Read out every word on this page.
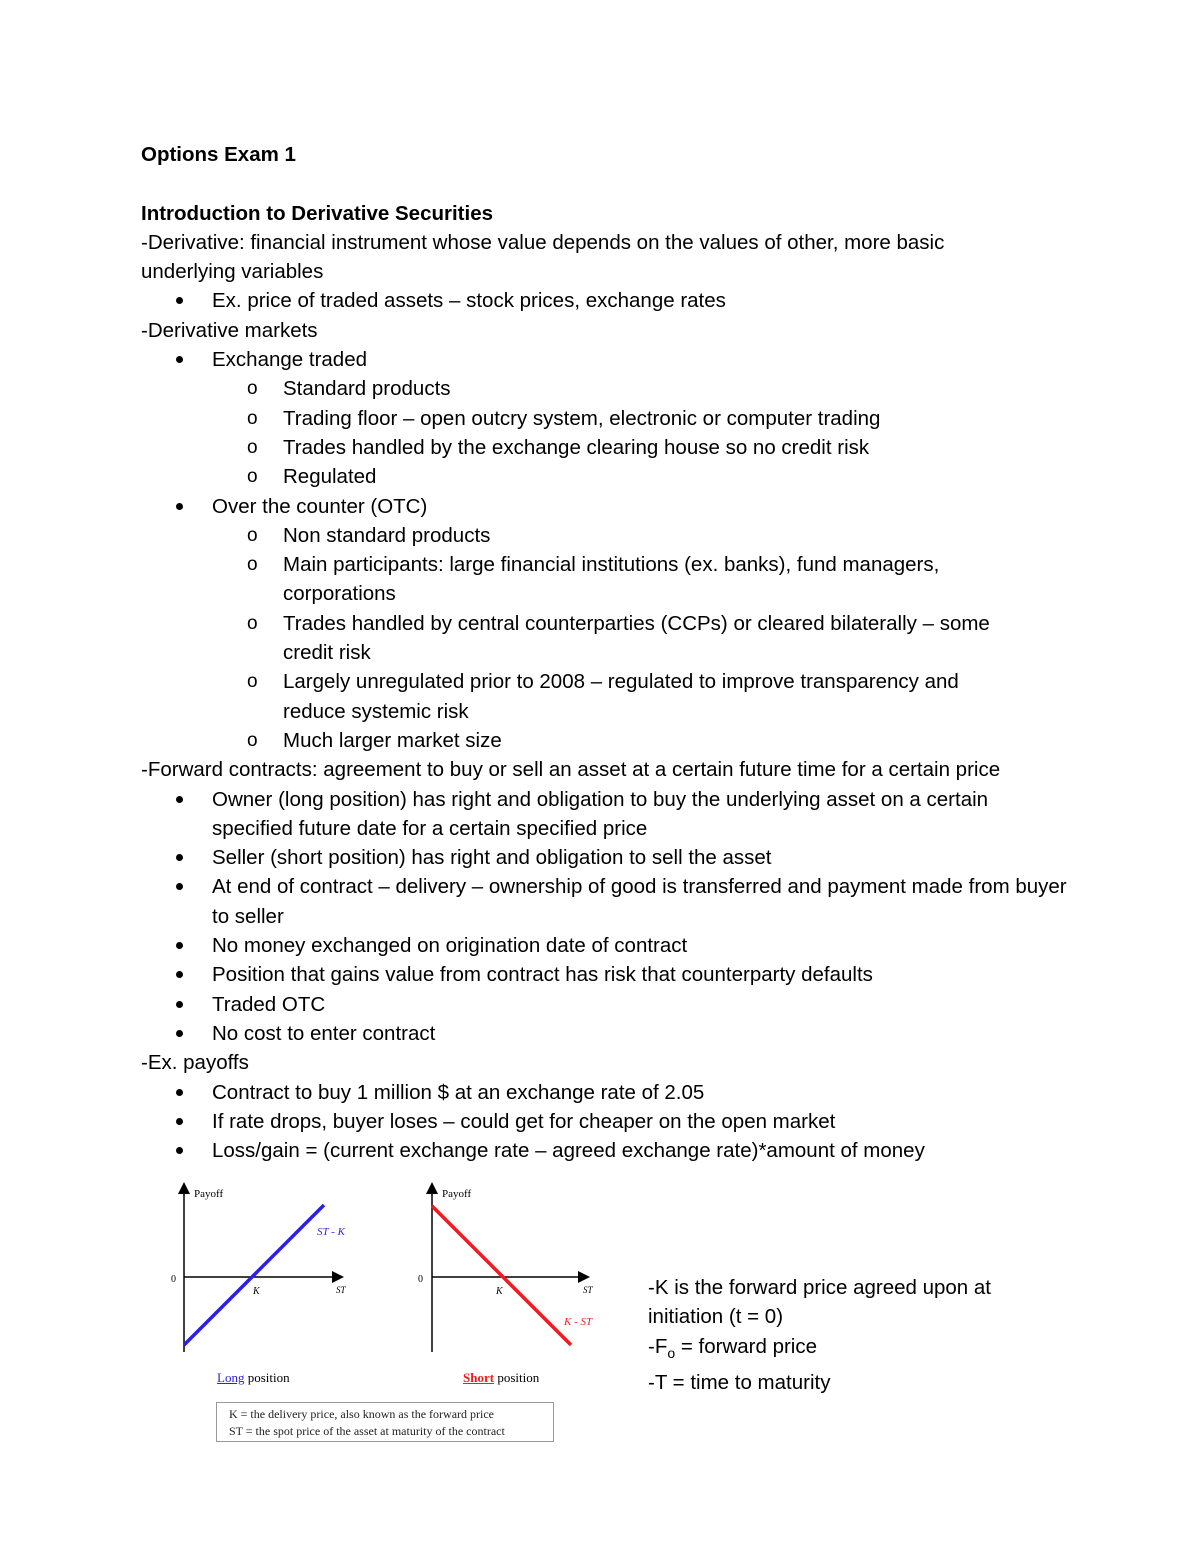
Options Exam 1
Introduction to Derivative Securities
-Derivative: financial instrument whose value depends on the values of other, more basic
underlying variables
Ex. price of traded assets – stock prices, exchange rates
-Derivative markets
Exchange traded
o Standard products
o Trading floor – open outcry system, electronic or computer trading
o Trades handled by the exchange clearing house so no credit risk
o Regulated
Over the counter (OTC)
o Non standard products
o Main participants: large financial institutions (ex. banks), fund managers, corporations
o Trades handled by central counterparties (CCPs) or cleared bilaterally – some credit risk
o Largely unregulated prior to 2008 – regulated to improve transparency and reduce systemic risk
o Much larger market size
-Forward contracts: agreement to buy or sell an asset at a certain future time for a certain price
Owner (long position) has right and obligation to buy the underlying asset on a certain specified future date for a certain specified price
Seller (short position) has right and obligation to sell the asset
At end of contract – delivery – ownership of good is transferred and payment made from buyer to seller
No money exchanged on origination date of contract
Position that gains value from contract has risk that counterparty defaults
Traded OTC
No cost to enter contract
-Ex. payoffs
Contract to buy 1 million $ at an exchange rate of 2.05
If rate drops, buyer loses – could get for cheaper on the open market
Loss/gain = (current exchange rate – agreed exchange rate)*amount of money
Payoff
0
K	ST
ST - K
Payoff
0
K	ST
K - ST
Long position	Short position
K = the delivery price, also known as the forward price
ST = the spot price of the asset at maturity of the contract
-K is the forward price agreed upon at
initiation (t = 0)
$-F_o$ = forward price
-T = time to maturity
